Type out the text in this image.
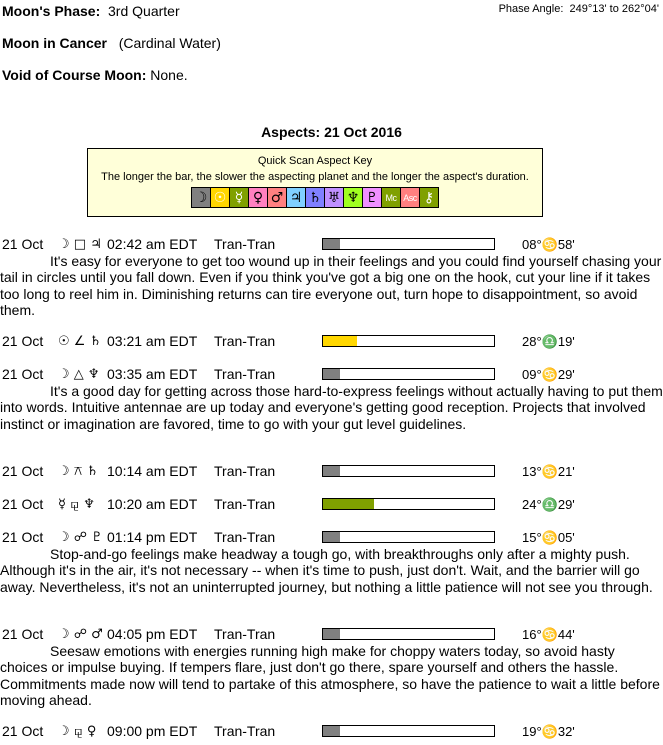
Moon's Phase: 3rd Quarter	Phase Angle: 249°13' to 262°04'
Moon in Cancer (Cardinal Water)
Void of Course Moon: None.
Aspects: 21 Oct 2016
Quick Scan Aspect Key
The longer the bar, the slower the aspecting planet and the longer the aspect's duration.
☽ ☉ ☿ ♀ ♂ ♃ ♄ ♅ ♆ ♇ Mc Asc ⚷
21 Oct ☽ □ ♃ 02:42 am EDT Tran-Tran	08°♋58'
It's easy for everyone to get too wound up in their feelings and you could find yourself chasing your tail in circles until you fall down. Even if you think you've got a big one on the hook, cut your line if it takes too long to reel him in. Diminishing returns can tire everyone out, turn hope to disappointment, so avoid them.
21 Oct ☉ ∠ ♄ 03:21 am EDT Tran-Tran	28°♎19'
21 Oct ☽ △ ♆ 03:35 am EDT Tran-Tran	09°♋29'
It's a good day for getting across those hard-to-express feelings without actually having to put them into words. Intuitive antennae are up today and everyone's getting good reception. Projects that involved instinct or imagination are favored, time to go with your gut level guidelines.
21 Oct ☽ ⚻ ♄ 10:14 am EDT Tran-Tran	13°♋21'
21 Oct ☿ ⚼ ♆ 10:20 am EDT Tran-Tran	24°♎29'
21 Oct ☽ ☍ ♇ 01:14 pm EDT Tran-Tran	15°♋05'
Stop-and-go feelings make headway a tough go, with breakthroughs only after a mighty push. Although it's in the air, it's not necessary -- when it's time to push, just don't. Wait, and the barrier will go away. Nevertheless, it's not an uninterrupted journey, but nothing a little patience will not see you through.
21 Oct ☽ ☍ ♂ 04:05 pm EDT Tran-Tran	16°♋44'
Seesaw emotions with energies running high make for choppy waters today, so avoid hasty choices or impulse buying. If tempers flare, just don't go there, spare yourself and others the hassle. Commitments made now will tend to partake of this atmosphere, so have the patience to wait a little before moving ahead.
21 Oct ☽ ⚼ ♀ 09:00 pm EDT Tran-Tran	19°♋32'
